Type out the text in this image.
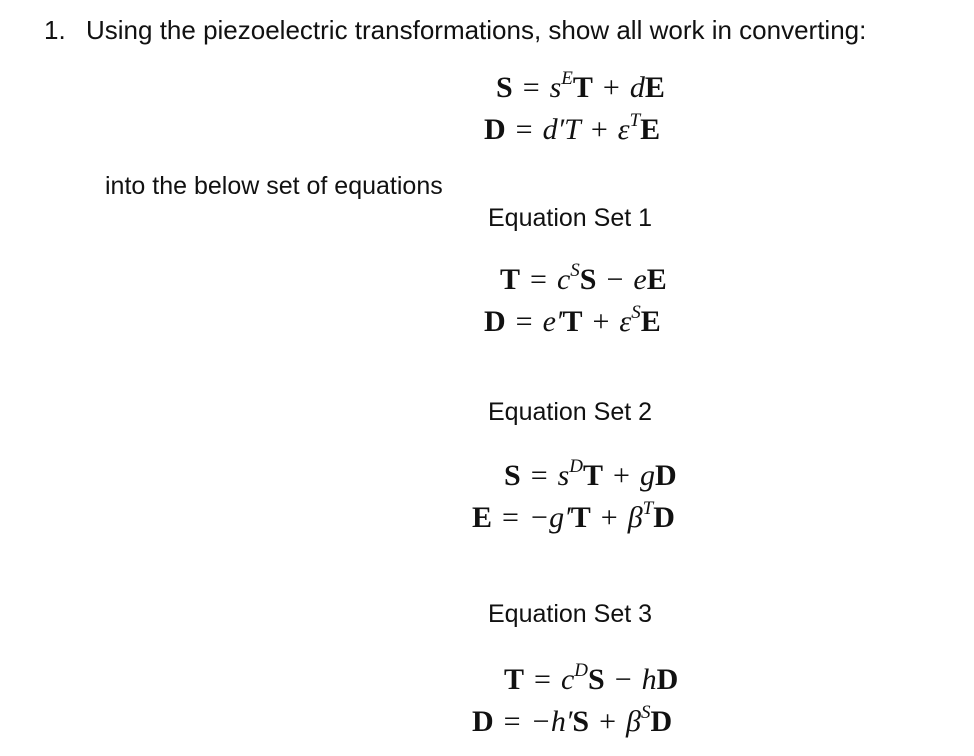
1. Using the piezoelectric transformations, show all work in converting:
$S = s^ET$ + dE
$D = d'T + \varepsilon^TE$
into the below set of equations
Equation Set 1
$T = c^SS$ − eE
$D = e'T + \varepsilon^SE$
Equation Set 2
$S = s^DT$ + gD
$E = -g'T + \beta^TD$
Equation Set 3
$T = c^DS$ − hD
$D = -h'S + \beta^SD$
